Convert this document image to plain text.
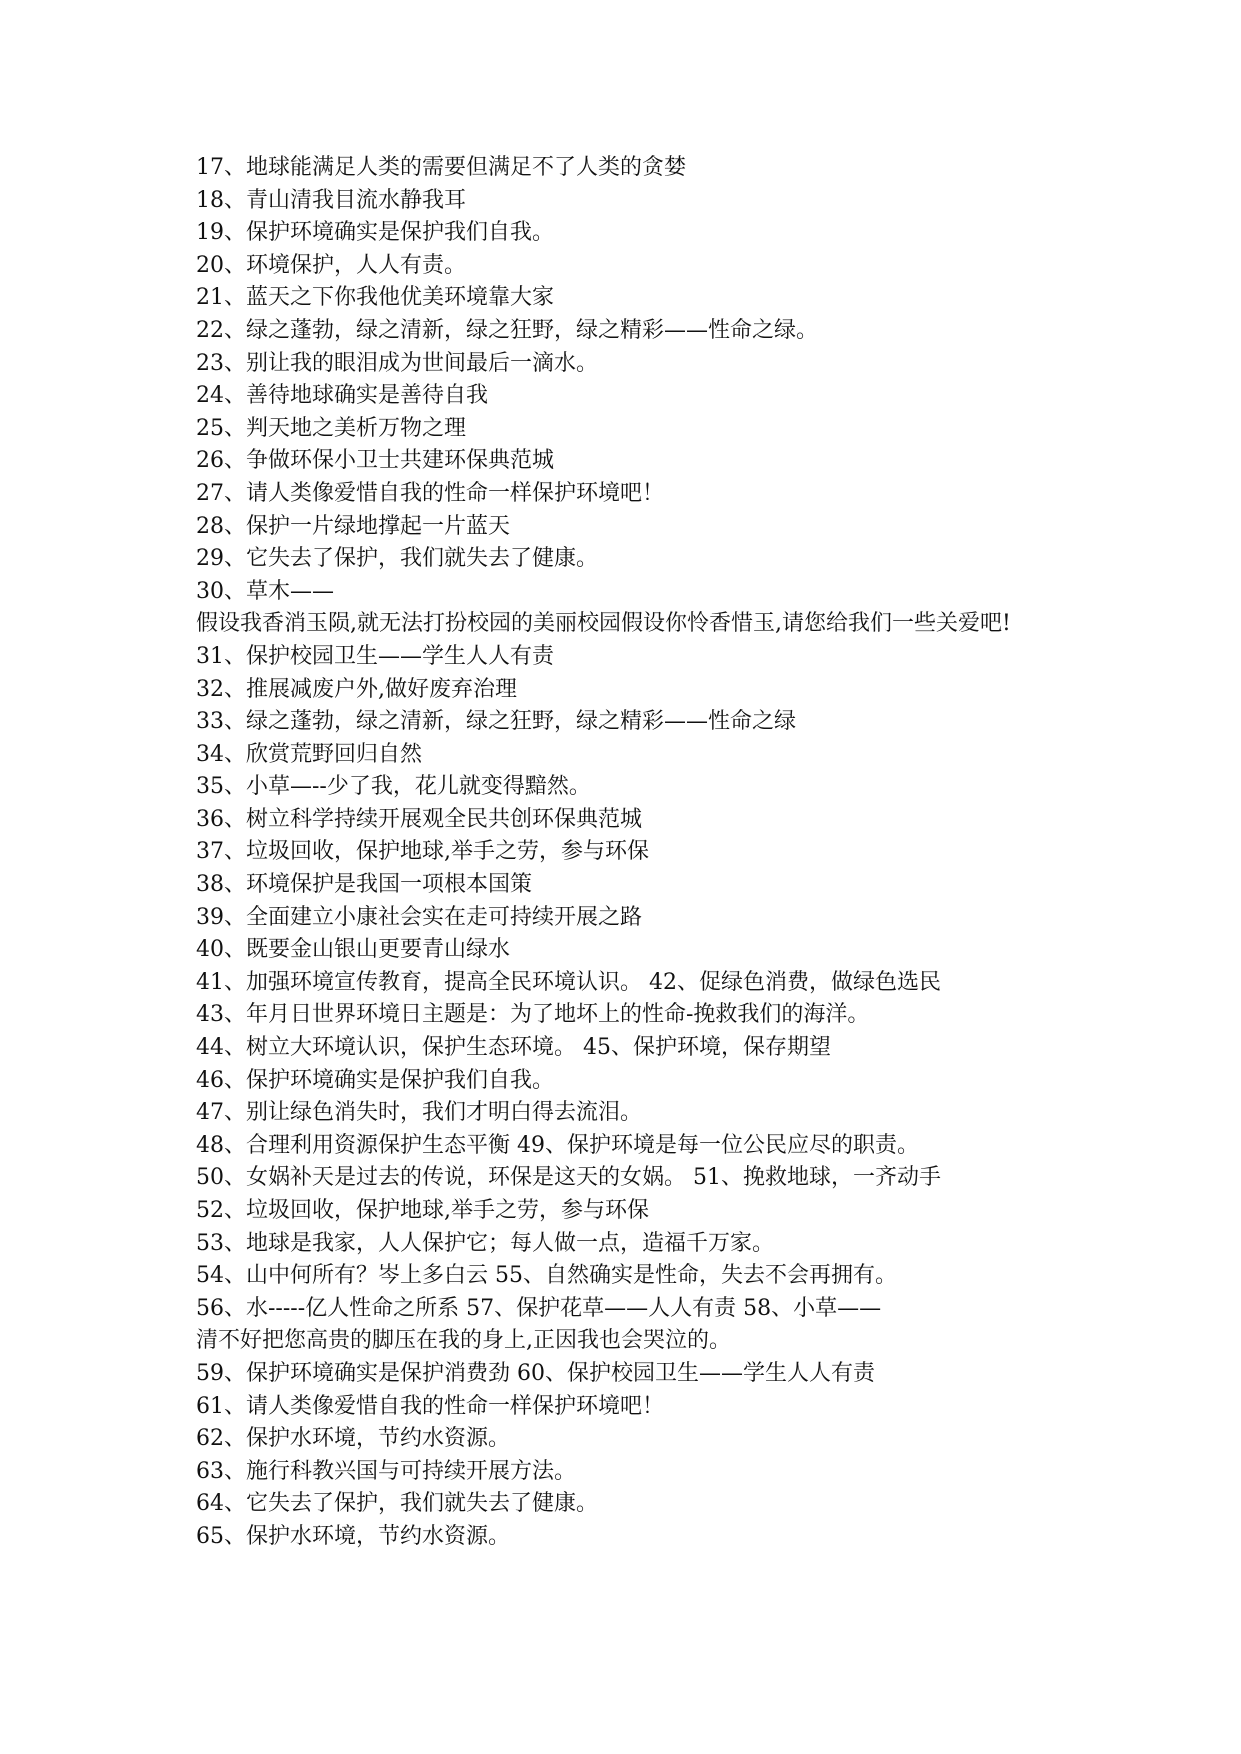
17、地球能满足人类的需要但满足不了人类的贪婪

18、青山清我目流水静我耳

19、保护环境确实是保护我们自我。

20、环境保护，人人有责。

21、蓝天之下你我他优美环境靠大家

22、绿之蓬勃，绿之清新，绿之狂野，绿之精彩——性命之绿。

23、别让我的眼泪成为世间最后一滴水。

24、善待地球确实是善待自我

25、判天地之美析万物之理

26、争做环保小卫士共建环保典范城

27、请人类像爱惜自我的性命一样保护环境吧！

28、保护一片绿地撑起一片蓝天

29、它失去了保护，我们就失去了健康。

30、草木——

假设我香消玉陨,就无法打扮校园的美丽校园假设你怜香惜玉,请您给我们一些关爱吧!

31、保护校园卫生——学生人人有责

32、推展减废户外,做好废弃治理

33、绿之蓬勃，绿之清新，绿之狂野，绿之精彩——性命之绿

34、欣赏荒野回归自然

35、小草—--少了我，花儿就变得黯然。

36、树立科学持续开展观全民共创环保典范城

37、垃圾回收，保护地球,举手之劳，参与环保

38、环境保护是我国一项根本国策

39、全面建立小康社会实在走可持续开展之路

40、既要金山银山更要青山绿水

41、加强环境宣传教育，提高全民环境认识。 42、促绿色消费，做绿色选民

43、年月日世界环境日主题是：为了地坏上的性命-挽救我们的海洋。

44、树立大环境认识，保护生态环境。 45、保护环境，保存期望

46、保护环境确实是保护我们自我。

47、别让绿色消失时，我们才明白得去流泪。

48、合理利用资源保护生态平衡 49、保护环境是每一位公民应尽的职责。

50、女娲补天是过去的传说，环保是这天的女娲。 51、挽救地球，一齐动手

52、垃圾回收，保护地球,举手之劳，参与环保

53、地球是我家，人人保护它；每人做一点，造福千万家。

54、山中何所有？岑上多白云 55、自然确实是性命，失去不会再拥有。

56、水-----亿人性命之所系 57、保护花草——人人有责 58、小草——

清不好把您高贵的脚压在我的身上,正因我也会哭泣的。

59、保护环境确实是保护消费劲 60、保护校园卫生——学生人人有责

61、请人类像爱惜自我的性命一样保护环境吧！

62、保护水环境，节约水资源。

63、施行科教兴国与可持续开展方法。

64、它失去了保护，我们就失去了健康。

65、保护水环境，节约水资源。
